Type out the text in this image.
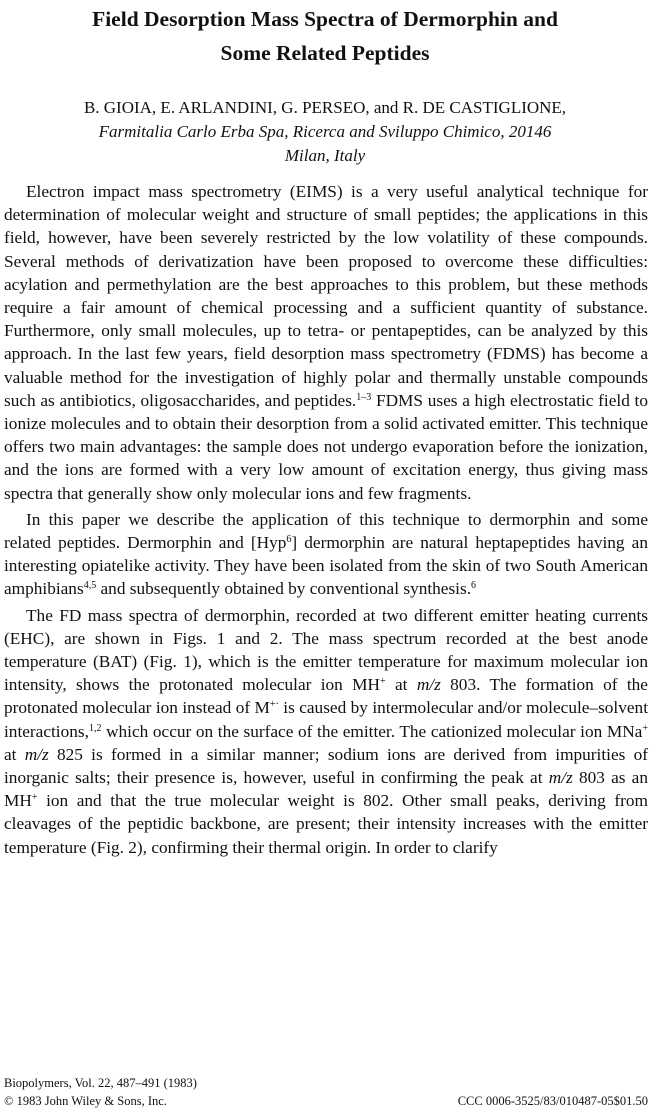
Field Desorption Mass Spectra of Dermorphin and
Some Related Peptides
B. GIOIA, E. ARLANDINI, G. PERSEO, and R. DE CASTIGLIONE,
Farmitalia Carlo Erba Spa, Ricerca and Sviluppo Chimico, 20146
Milan, Italy

Electron impact mass spectrometry (EIMS) is a very useful analytical technique for determination of molecular weight and structure of small peptides; the applications in this field, however, have been severely restricted by the low volatility of these compounds. Several methods of derivatization have been proposed to overcome these difficulties: acylation and permethylation are the best approaches to this problem, but these methods require a fair amount of chemical processing and a sufficient quantity of substance. Furthermore, only small molecules, up to tetra- or pentapeptides, can be analyzed by this approach. In the last few years, field desorption mass spectrometry (FDMS) has become a valuable method for the investigation of highly polar and thermally unstable compounds such as antibiotics, oligosaccharides, and peptides.$^{1-3}$ FDMS uses a high electrostatic field to ionize molecules and to obtain their desorption from a solid activated emitter. This technique offers two main advantages: the sample does not undergo evaporation before the ionization, and the ions are formed with a very low amount of excitation energy, thus giving mass spectra that generally show only molecular ions and few fragments.

In this paper we describe the application of this technique to dermorphin and some related peptides. Dermorphin and [Hyp$^6$] dermorphin are natural heptapeptides having an interesting opiatelike activity. They have been isolated from the skin of two South American amphibians$^{4,5}$ and subsequently obtained by conventional synthesis.$^6$

The FD mass spectra of dermorphin, recorded at two different emitter heating currents (EHC), are shown in Figs. 1 and 2. The mass spectrum recorded at the best anode temperature (BAT) (Fig. 1), which is the emitter temperature for maximum molecular ion intensity, shows the protonated molecular ion MH+ at m/z 803. The formation of the protonated molecular ion instead of M+· is caused by intermolecular and/or molecule–solvent interactions,$^{1,2}$ which occur on the surface of the emitter. The cationized molecular ion MNa+ at m/z 825 is formed in a similar manner; sodium ions are derived from impurities of inorganic salts; their presence is, however, useful in confirming the peak at m/z 803 as an MH+ ion and that the true molecular weight is 802. Other small peaks, deriving from cleavages of the peptidic backbone, are present; their intensity increases with the emitter temperature (Fig. 2), confirming their thermal origin. In order to clarify

Biopolymers, Vol. 22, 487–491 (1983)
© 1983 John Wiley & Sons, Inc.	CCC 0006-3525/83/010487-05$01.50
